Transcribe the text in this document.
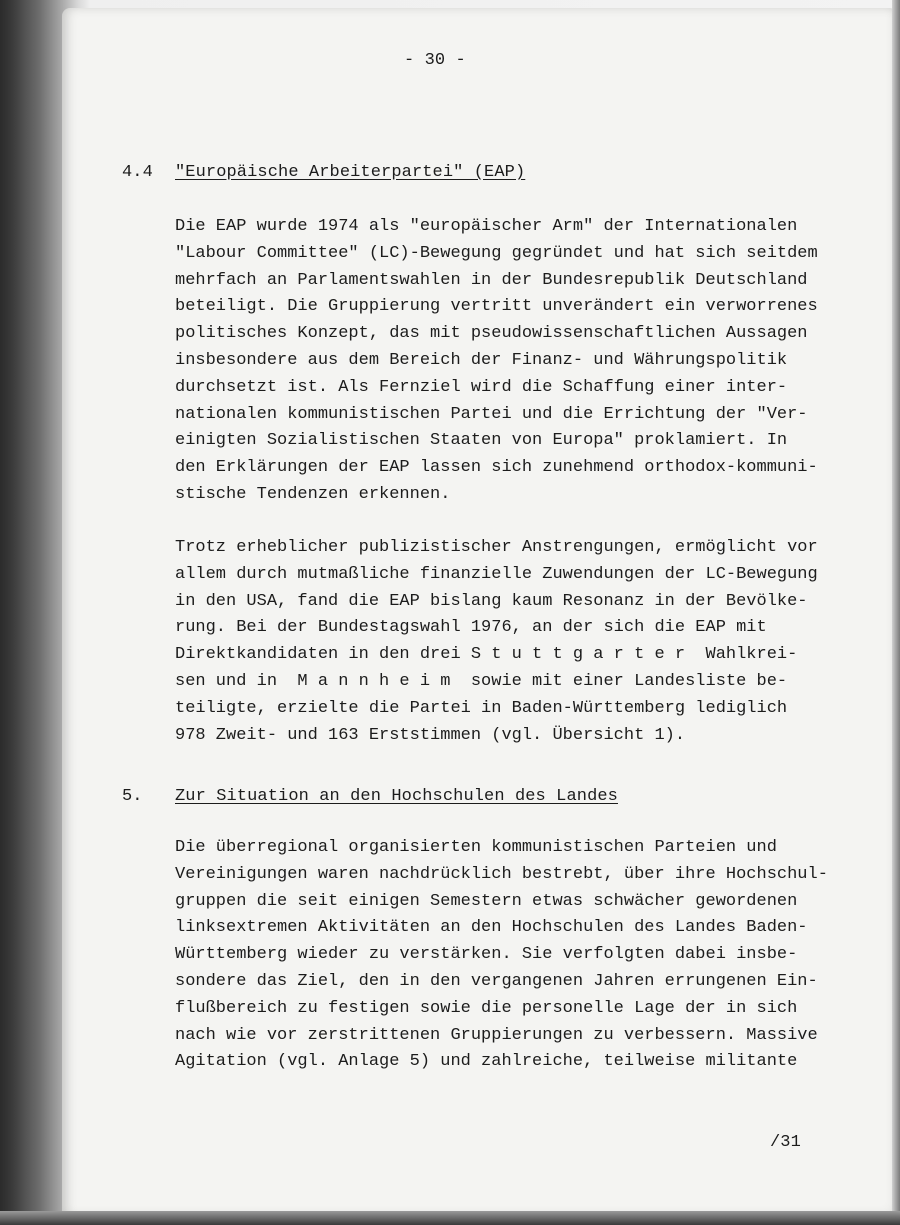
- 30 -
4.4 "Europäische Arbeiterpartei" (EAP)
Die EAP wurde 1974 als "europäischer Arm" der Internationalen
"Labour Committee" (LC)-Bewegung gegründet und hat sich seitdem
mehrfach an Parlamentswahlen in der Bundesrepublik Deutschland
beteiligt. Die Gruppierung vertritt unverändert ein verworrenes
politisches Konzept, das mit pseudowissenschaftlichen Aussagen
insbesondere aus dem Bereich der Finanz- und Währungspolitik
durchsetzt ist. Als Fernziel wird die Schaffung einer inter-
nationalen kommunistischen Partei und die Errichtung der "Ver-
einigten Sozialistischen Staaten von Europa" proklamiert. In
den Erklärungen der EAP lassen sich zunehmend orthodox-kommuni-
stische Tendenzen erkennen.
Trotz erheblicher publizistischer Anstrengungen, ermöglicht vor
allem durch mutmaßliche finanzielle Zuwendungen der LC-Bewegung
in den USA, fand die EAP bislang kaum Resonanz in der Bevölke-
rung. Bei der Bundestagswahl 1976, an der sich die EAP mit
Direktkandidaten in den drei S t u t t g a r t e r  Wahlkrei-
sen und in  M a n n h e i m  sowie mit einer Landesliste be-
teiligte, erzielte die Partei in Baden-Württemberg lediglich
978 Zweit- und 163 Erststimmen (vgl. Übersicht 1).
5. Zur Situation an den Hochschulen des Landes
Die überregional organisierten kommunistischen Parteien und
Vereinigungen waren nachdrücklich bestrebt, über ihre Hochschul-
gruppen die seit einigen Semestern etwas schwächer gewordenen
linksextremen Aktivitäten an den Hochschulen des Landes Baden-
Württemberg wieder zu verstärken. Sie verfolgten dabei insbe-
sondere das Ziel, den in den vergangenen Jahren errungenen Ein-
flußbereich zu festigen sowie die personelle Lage der in sich
nach wie vor zerstrittenen Gruppierungen zu verbessern. Massive
Agitation (vgl. Anlage 5) und zahlreiche, teilweise militante
/31
